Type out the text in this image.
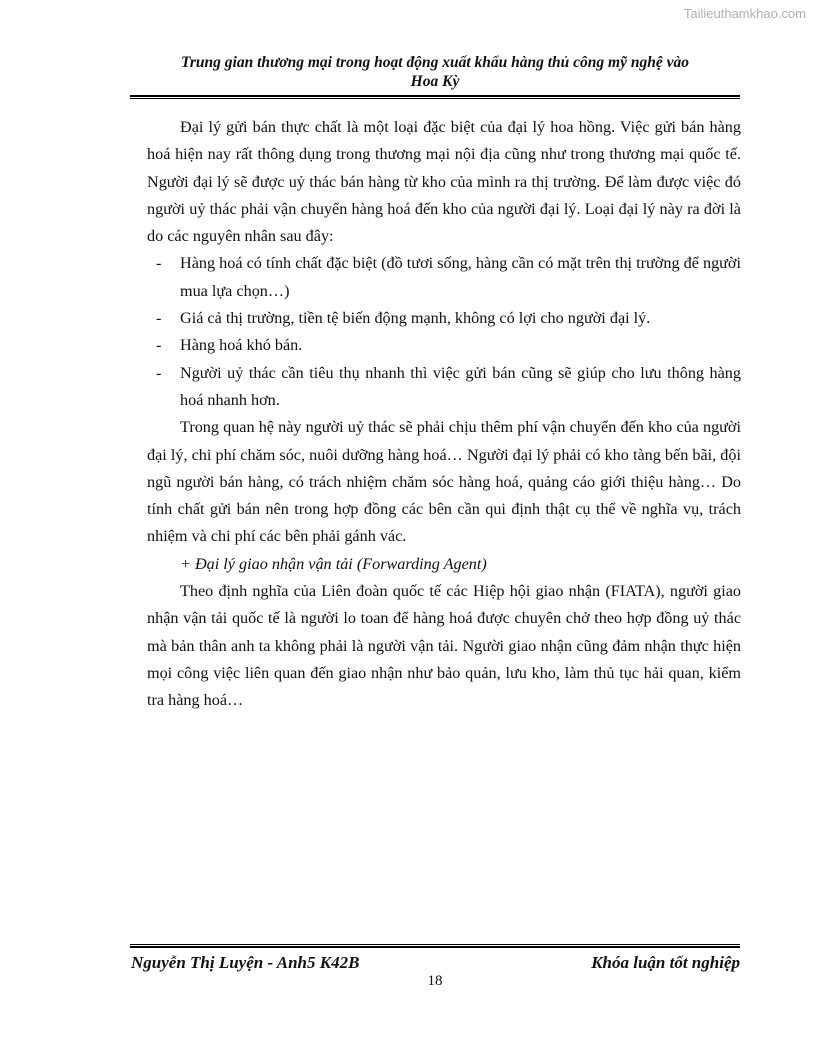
Tailieuthamkhao.com
Trung gian thương mại trong hoạt động xuất khẩu hàng thủ công mỹ nghệ vào
Hoa Kỳ

Đại lý gửi bán thực chất là một loại đặc biệt của đại lý hoa hồng. Việc gửi bán hàng hoá hiện nay rất thông dụng trong thương mại nội địa cũng như trong thương mại quốc tế. Người đại lý sẽ được uỷ thác bán hàng từ kho của mình ra thị trường. Để làm được việc đó người uỷ thác phải vận chuyển hàng hoá đến kho của người đại lý. Loại đại lý này ra đời là do các nguyên nhân sau đây:

- Hàng hoá có tính chất đặc biệt (đồ tươi sống, hàng cần có mặt trên thị trường để người mua lựa chọn…)
- Giá cả thị trường, tiền tệ biến động mạnh, không có lợi cho người đại lý.
- Hàng hoá khó bán.
- Người uỷ thác cần tiêu thụ nhanh thì việc gửi bán cũng sẽ giúp cho lưu thông hàng hoá nhanh hơn.

Trong quan hệ này người uỷ thác sẽ phải chịu thêm phí vận chuyển đến kho của người đại lý, chi phí chăm sóc, nuôi dưỡng hàng hoá… Người đại lý phải có kho tàng bến bãi, đội ngũ người bán hàng, có trách nhiệm chăm sóc hàng hoá, quảng cáo giới thiệu hàng… Do tính chất gửi bán nên trong hợp đồng các bên cần qui định thật cụ thể về nghĩa vụ, trách nhiệm và chi phí các bên phải gánh vác.

+ Đại lý giao nhận vận tải (Forwarding Agent)

Theo định nghĩa của Liên đoàn quốc tế các Hiệp hội giao nhận (FIATA), người giao nhận vận tải quốc tế là người lo toan để hàng hoá được chuyên chở theo hợp đồng uỷ thác mà bản thân anh ta không phải là người vận tải. Người giao nhận cũng đảm nhận thực hiện mọi công việc liên quan đến giao nhận như bảo quản, lưu kho, làm thủ tục hải quan, kiểm tra hàng hoá…

Nguyễn Thị Luyện - Anh5 K42B	Khóa luận tốt nghiệp
18
